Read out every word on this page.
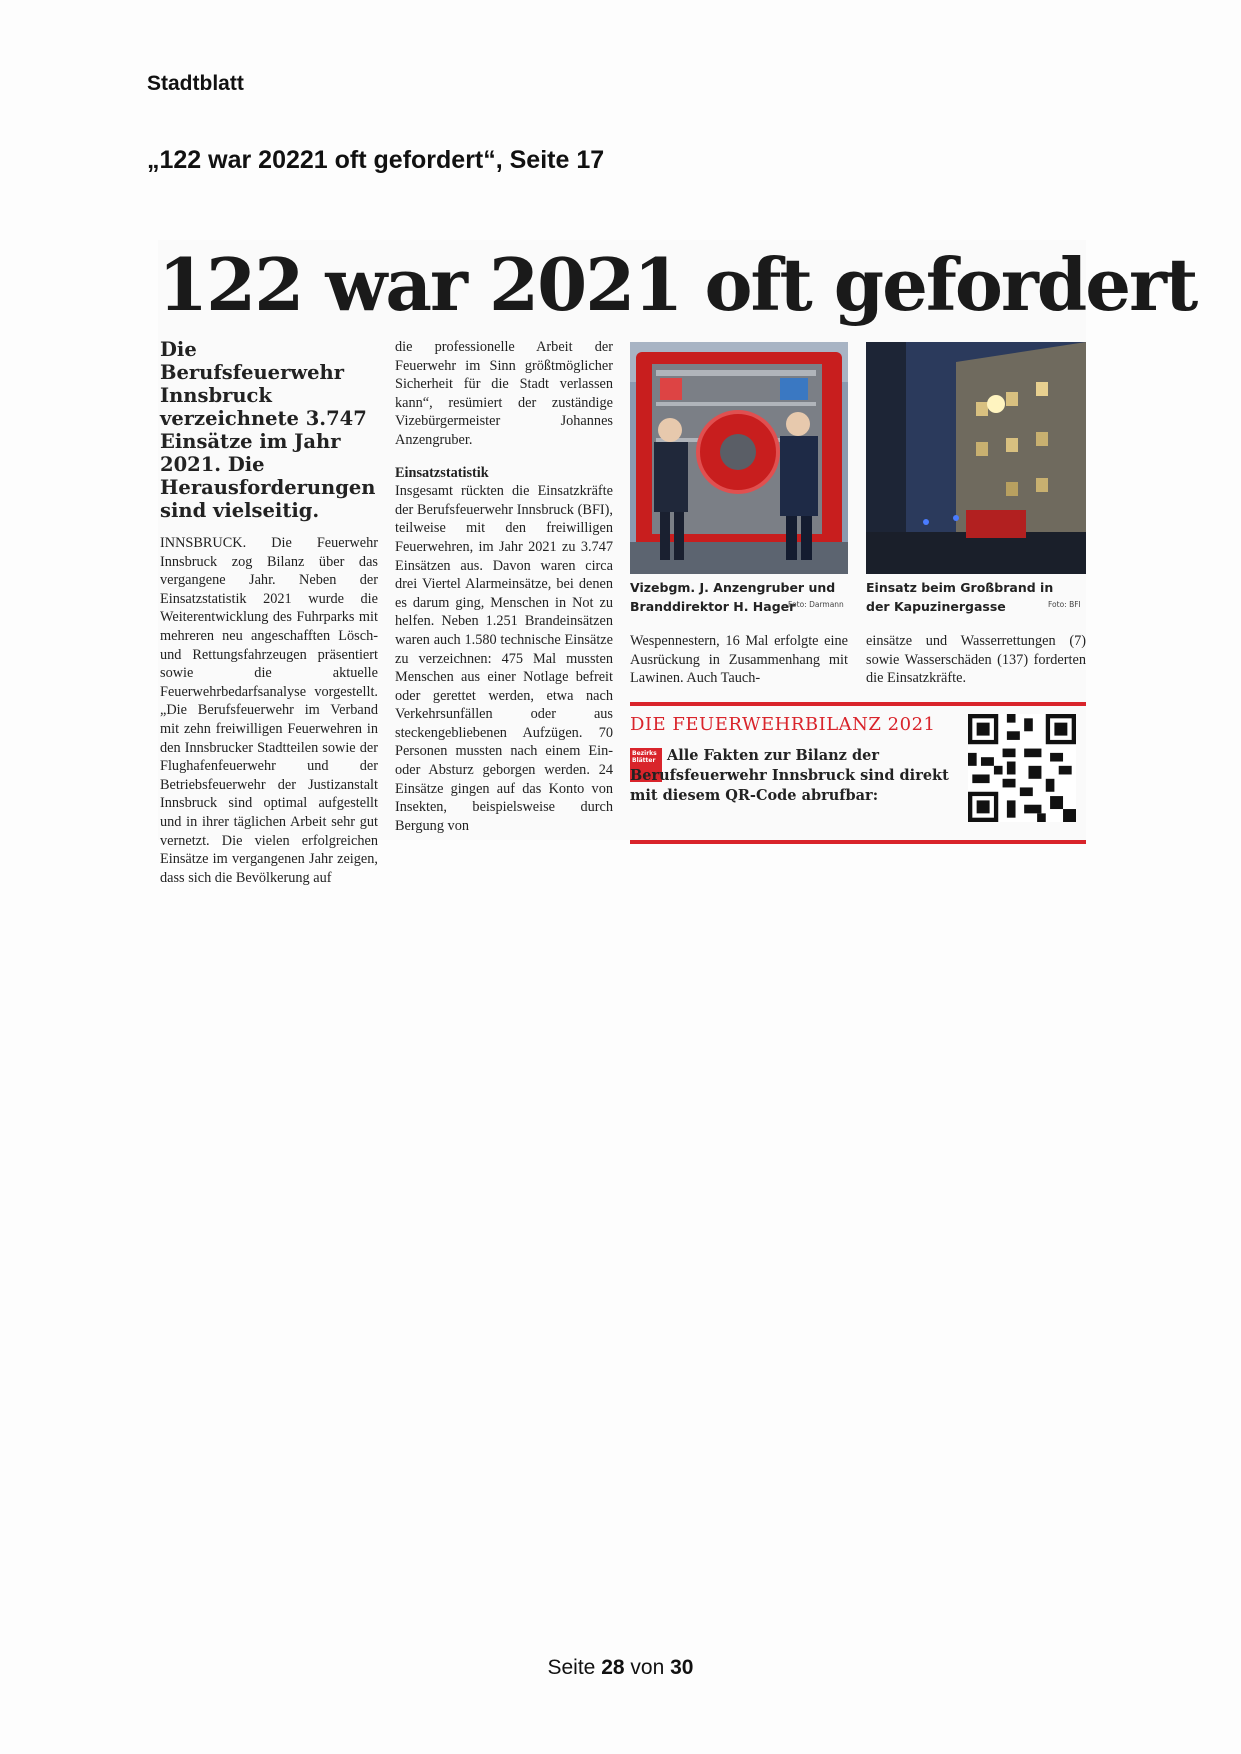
Stadtblatt
„122 war 20221 oft gefordert“, Seite 17
122 war 2021 oft gefordert

Die Berufsfeuerwehr Innsbruck verzeichnete 3.747 Einsätze im Jahr 2021. Die Herausforderungen sind vielseitig.

INNSBRUCK. Die Feuerwehr Innsbruck zog Bilanz über das vergangene Jahr. Neben der Einsatzstatistik 2021 wurde die Weiterentwicklung des Fuhrparks mit mehreren neu angeschafften Lösch- und Rettungsfahrzeugen präsentiert sowie die aktuelle Feuerwehrbedarfsanalyse vorgestellt. „Die Berufsfeuerwehr im Verband mit zehn freiwilligen Feuerwehren in den Innsbrucker Stadtteilen sowie der Flughafenfeuerwehr und der Betriebsfeuerwehr der Justizanstalt Innsbruck sind optimal aufgestellt und in ihrer täglichen Arbeit sehr gut vernetzt. Die vielen erfolgreichen Einsätze im vergangenen Jahr zeigen, dass sich die Bevölkerung auf

die professionelle Arbeit der Feuerwehr im Sinn größtmöglicher Sicherheit für die Stadt verlassen kann“, resümiert der zuständige Vizebürgermeister Johannes Anzengruber.

Einsatzstatistik

Insgesamt rückten die Einsatzkräfte der Berufsfeuerwehr Innsbruck (BFI), teilweise mit den freiwilligen Feuerwehren, im Jahr 2021 zu 3.747 Einsätzen aus. Davon waren circa drei Viertel Alarmeinsätze, bei denen es darum ging, Menschen in Not zu helfen. Neben 1.251 Brandeinsätzen waren auch 1.580 technische Einsätze zu verzeichnen: 475 Mal mussten Menschen aus einer Notlage befreit oder gerettet werden, etwa nach Verkehrsunfällen oder aus steckengebliebenen Aufzügen. 70 Personen mussten nach einem Ein- oder Absturz geborgen werden. 24 Einsätze gingen auf das Konto von Insekten, beispielsweise durch Bergung von

Vizebgm. J. Anzengruber und Branddirektor H. Hager
Foto: Darmann
Einsatz beim Großbrand in der Kapuzinergasse	Foto: BFI
Wespennestern, 16 Mal erfolgte eine Ausrückung in Zusammenhang mit Lawinen. Auch Tauch-
einsätze und Wasserrettungen (7) sowie Wasserschäden (137) forderten die Einsatzkräfte.
DIE FEUERWEHRBILANZ 2021
Bezirks Blätter Alle Fakten zur Bilanz der Berufsfeuerwehr Innsbruck sind direkt mit diesem QR-Code abrufbar:
Seite 28 von 30
